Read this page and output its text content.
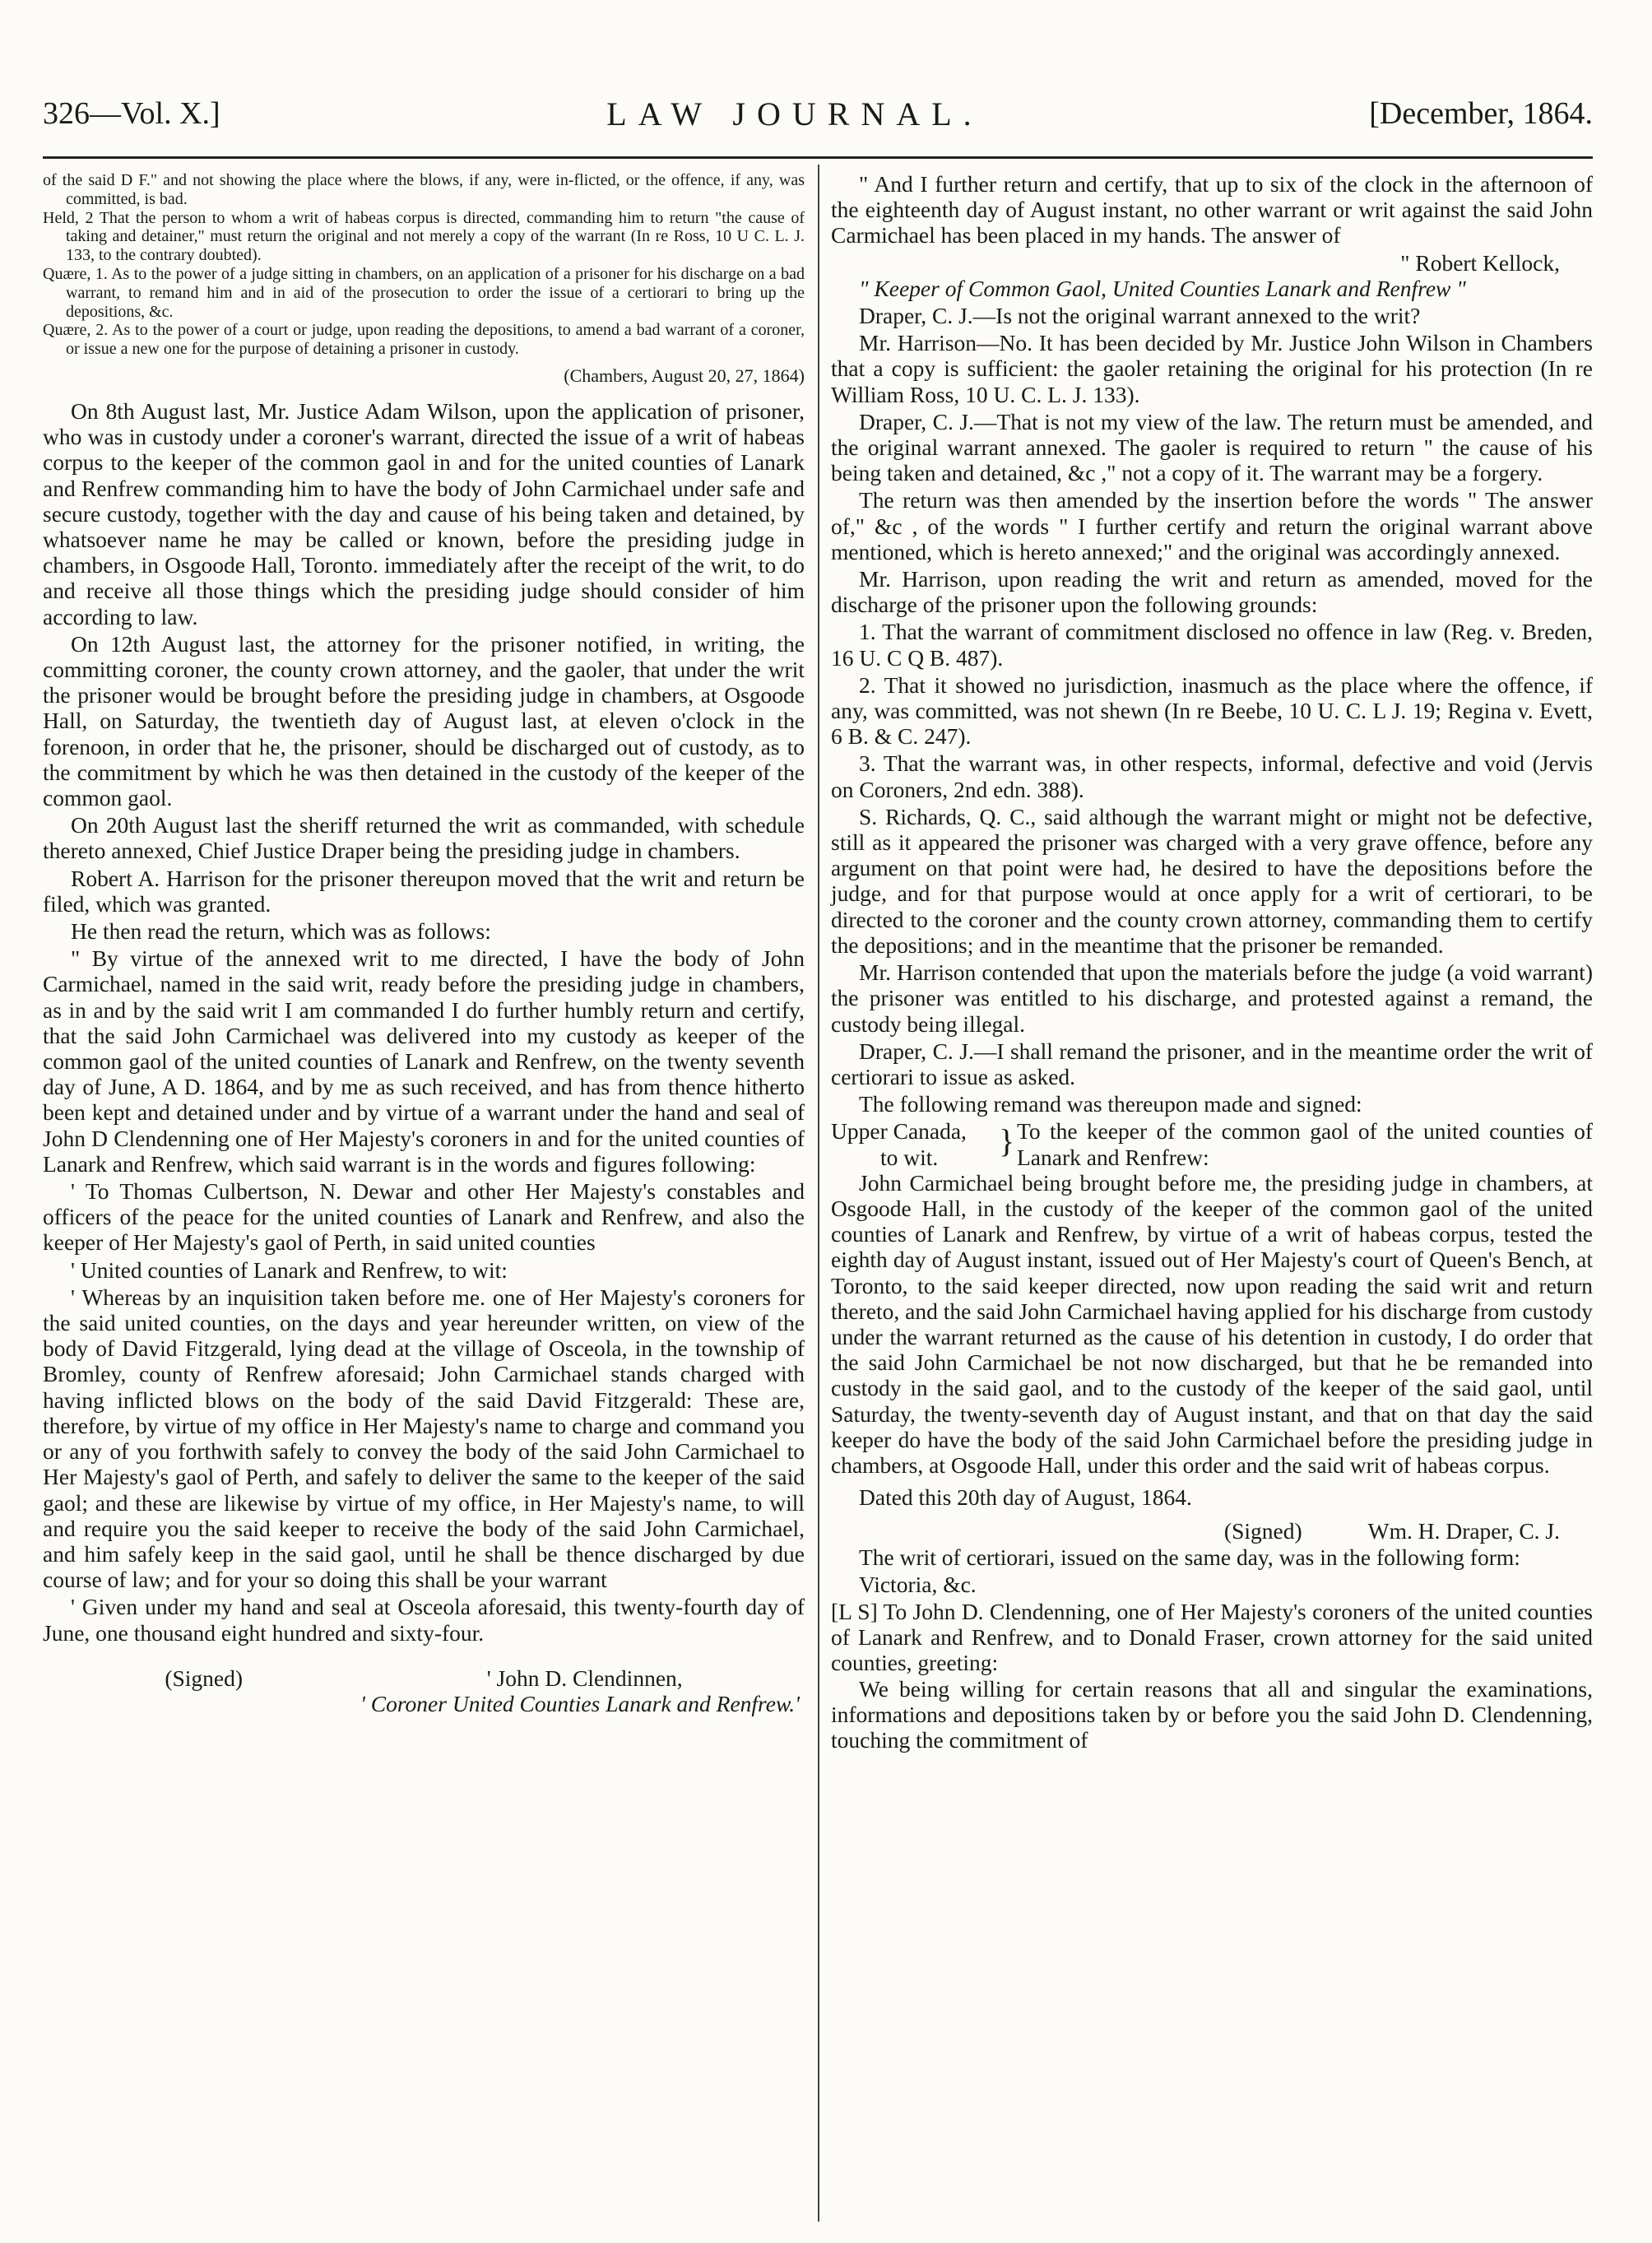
326—Vol. X.]	LAW JOURNAL.	[December, 1864.

of the said D F." and not showing the place where the blows, if any, were in-flicted, or the offence, if any, was committed, is bad.

Held, 2 That the person to whom a writ of habeas corpus is directed, commanding him to return "the cause of taking and detainer," must return the original and not merely a copy of the warrant (In re Ross, 10 U C. L. J. 133, to the contrary doubted).

Quære, 1. As to the power of a judge sitting in chambers, on an application of a prisoner for his discharge on a bad warrant, to remand him and in aid of the prosecution to order the issue of a certiorari to bring up the depositions, &c.

Quære, 2. As to the power of a court or judge, upon reading the depositions, to amend a bad warrant of a coroner, or issue a new one for the purpose of detaining a prisoner in custody.

(Chambers, August 20, 27, 1864)

On 8th August last, Mr. Justice Adam Wilson, upon the application of prisoner, who was in custody under a coroner's warrant, directed the issue of a writ of habeas corpus to the keeper of the common gaol in and for the united counties of Lanark and Renfrew commanding him to have the body of John Carmichael under safe and secure custody, together with the day and cause of his being taken and detained, by whatsoever name he may be called or known, before the presiding judge in chambers, in Osgoode Hall, Toronto. immediately after the receipt of the writ, to do and receive all those things which the presiding judge should consider of him according to law.

On 12th August last, the attorney for the prisoner notified, in writing, the committing coroner, the county crown attorney, and the gaoler, that under the writ the prisoner would be brought before the presiding judge in chambers, at Osgoode Hall, on Saturday, the twentieth day of August last, at eleven o'clock in the forenoon, in order that he, the prisoner, should be discharged out of custody, as to the commitment by which he was then detained in the custody of the keeper of the common gaol.

On 20th August last the sheriff returned the writ as commanded, with schedule thereto annexed, Chief Justice Draper being the presiding judge in chambers.

Robert A. Harrison for the prisoner thereupon moved that the writ and return be filed, which was granted.

He then read the return, which was as follows:

" By virtue of the annexed writ to me directed, I have the body of John Carmichael, named in the said writ, ready before the presiding judge in chambers, as in and by the said writ I am commanded I do further humbly return and certify, that the said John Carmichael was delivered into my custody as keeper of the common gaol of the united counties of Lanark and Renfrew, on the twenty seventh day of June, A D. 1864, and by me as such received, and has from thence hitherto been kept and detained under and by virtue of a warrant under the hand and seal of John D Clendenning one of Her Majesty's coroners in and for the united counties of Lanark and Renfrew, which said warrant is in the words and figures following:

' To Thomas Culbertson, N. Dewar and other Her Majesty's constables and officers of the peace for the united counties of Lanark and Renfrew, and also the keeper of Her Majesty's gaol of Perth, in said united counties

' United counties of Lanark and Renfrew, to wit:

' Whereas by an inquisition taken before me. one of Her Majesty's coroners for the said united counties, on the days and year hereunder written, on view of the body of David Fitzgerald, lying dead at the village of Osceola, in the township of Bromley, county of Renfrew aforesaid; John Carmichael stands charged with having inflicted blows on the body of the said David Fitzgerald: These are, therefore, by virtue of my office in Her Majesty's name to charge and command you or any of you forthwith safely to convey the body of the said John Carmichael to Her Majesty's gaol of Perth, and safely to deliver the same to the keeper of the said gaol; and these are likewise by virtue of my office, in Her Majesty's name, to will and require you the said keeper to receive the body of the said John Carmichael, and him safely keep in the said gaol, until he shall be thence discharged by due course of law; and for your so doing this shall be your warrant

' Given under my hand and seal at Osceola aforesaid, this twenty-fourth day of June, one thousand eight hundred and sixty-four.

(Signed)	' John D. Clendinnen,
' Coroner United Counties Lanark and Renfrew.'

" And I further return and certify, that up to six of the clock in the afternoon of the eighteenth day of August instant, no other warrant or writ against the said John Carmichael has been placed in my hands. The answer of

" Robert Kellock,

" Keeper of Common Gaol, United Counties Lanark and Renfrew "

Draper, C. J.—Is not the original warrant annexed to the writ?

Mr. Harrison—No. It has been decided by Mr. Justice John Wilson in Chambers that a copy is sufficient: the gaoler retaining the original for his protection (In re William Ross, 10 U. C. L. J. 133).

Draper, C. J.—That is not my view of the law. The return must be amended, and the original warrant annexed. The gaoler is required to return " the cause of his being taken and detained, &c ," not a copy of it. The warrant may be a forgery.

The return was then amended by the insertion before the words " The answer of," &c , of the words " I further certify and return the original warrant above mentioned, which is hereto annexed;" and the original was accordingly annexed.

Mr. Harrison, upon reading the writ and return as amended, moved for the discharge of the prisoner upon the following grounds:

1. That the warrant of commitment disclosed no offence in law (Reg. v. Breden, 16 U. C Q B. 487).

2. That it showed no jurisdiction, inasmuch as the place where the offence, if any, was committed, was not shewn (In re Beebe, 10 U. C. L J. 19; Regina v. Evett, 6 B. & C. 247).

3. That the warrant was, in other respects, informal, defective and void (Jervis on Coroners, 2nd edn. 388).

S. Richards, Q. C., said although the warrant might or might not be defective, still as it appeared the prisoner was charged with a very grave offence, before any argument on that point were had, he desired to have the depositions before the judge, and for that purpose would at once apply for a writ of certiorari, to be directed to the coroner and the county crown attorney, commanding them to certify the depositions; and in the meantime that the prisoner be remanded.

Mr. Harrison contended that upon the materials before the judge (a void warrant) the prisoner was entitled to his discharge, and protested against a remand, the custody being illegal.

Draper, C. J.—I shall remand the prisoner, and in the meantime order the writ of certiorari to issue as asked.

The following remand was thereupon made and signed:

Upper Canada,
to wit.	} To the keeper of the common gaol of the united counties of Lanark and Renfrew:

John Carmichael being brought before me, the presiding judge in chambers, at Osgoode Hall, in the custody of the keeper of the common gaol of the united counties of Lanark and Renfrew, by virtue of a writ of habeas corpus, tested the eighth day of August instant, issued out of Her Majesty's court of Queen's Bench, at Toronto, to the said keeper directed, now upon reading the said writ and return thereto, and the said John Carmichael having applied for his discharge from custody under the warrant returned as the cause of his detention in custody, I do order that the said John Carmichael be not now discharged, but that he be remanded into custody in the said gaol, and to the custody of the keeper of the said gaol, until Saturday, the twenty-seventh day of August instant, and that on that day the said keeper do have the body of the said John Carmichael before the presiding judge in chambers, at Osgoode Hall, under this order and the said writ of habeas corpus.

Dated this 20th day of August, 1864.

(Signed)	Wm. H. Draper, C. J.

The writ of certiorari, issued on the same day, was in the following form:

Victoria, &c.

[L S] To John D. Clendenning, one of Her Majesty's coroners of the united counties of Lanark and Renfrew, and to Donald Fraser, crown attorney for the said united counties, greeting:

We being willing for certain reasons that all and singular the examinations, informations and depositions taken by or before you the said John D. Clendenning, touching the commitment of
